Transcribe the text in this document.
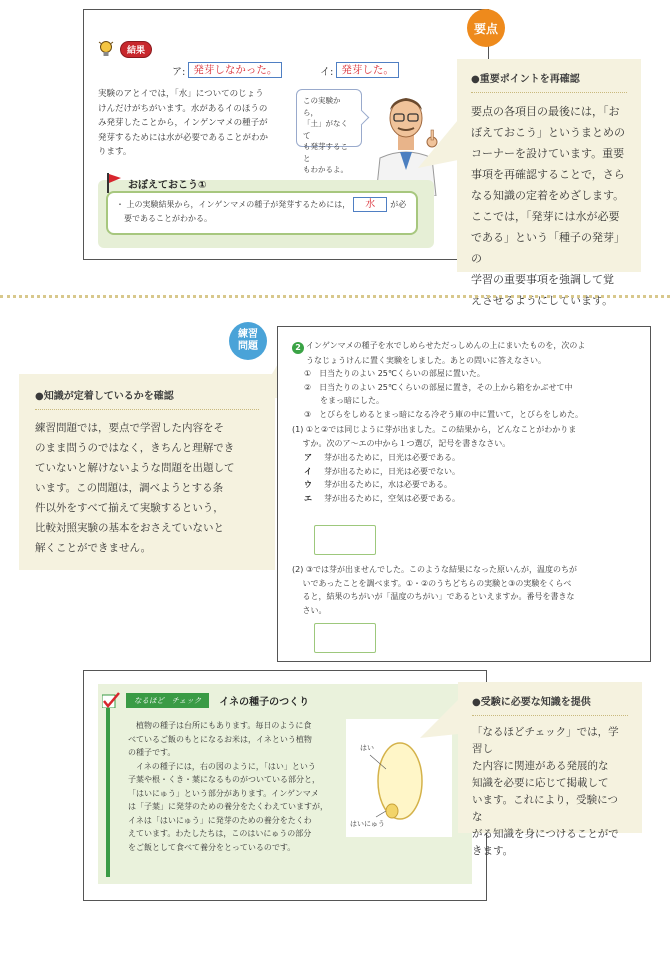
結果
ア: 発芽しなかった。	イ: 発芽した。
実験のアとイでは，「水」についてのじょう
けんだけがちがいます。水があるイのほうの
み発芽したことから，インゲンマメの種子が
発芽するためには水が必要であることがわか
ります。
この実験から，
「土」がなくて
も発芽すること
もわかるよ。
おぼえておこう①
・ 上の実験結果から，インゲンマメの種子が発芽するためには， 水 が必
要であることがわかる。
要点
●重要ポイントを再確認
要点の各項目の最後には，「お
ぼえておこう」というまとめの
コーナーを設けています。重要
事項を再確認することで，さら
なる知識の定着をめざします。
ここでは，「発芽には水が必要
である」という「種子の発芽」の
学習の重要事項を強調して覚
えさせるようにしています。
練習
問題
●知識が定着しているかを確認
練習問題では，要点で学習した内容をそ
のまま問うのではなく，きちんと理解でき
ていないと解けないような問題を出題して
います。この問題は，調べようとする条
件以外をすべて揃えて実験するという，
比較対照実験の基本をおさえていないと
解くことができません。
2 インゲンマメの種子を水でしめらせただっしめんの上にまいたものを，次のよ
うなじょうけんに置く実験をしました。あとの問いに答えなさい。
①　日当たりのよい 25℃くらいの部屋に置いた。
②　日当たりのよい 25℃くらいの部屋に置き，その上から箱をかぶせて中
　　をまっ暗にした。
③　とびらをしめるとまっ暗になる冷ぞう庫の中に置いて，とびらをしめた。
(1) ①と②では同じように芽が出ました。この結果から，どんなことがわかりま
　 すか。次のア～エの中から１つ選び，記号を書きなさい。
ア 芽が出るために，日光は必要である。
イ 芽が出るために，日光は必要でない。
ウ 芽が出るために，水は必要である。
エ 芽が出るために，空気は必要である。
(2) ③では芽が出ませんでした。このような結果になった原いんが，温度のちが
　 いであったことを調べます。①・②のうちどちらの実験と③の実験をくらべ
　 ると，結果のちがいが「温度のちがい」であるといえますか。番号を書きな
　 さい。
なるほど　チェック	イネの種子のつくり
　植物の種子は台所にもあります。毎日のように食
べているご飯のもとになるお米は，イネという植物
の種子です。
　イネの種子には，右の図のように，「はい」という
子葉や根・くき・葉になるものがついている部分と，
「はいにゅう」という部分があります。インゲンマメ
は「子葉」に発芽のための養分をたくわえていますが，
イネは「はいにゅう」に発芽のための養分をたくわ
えています。わたしたちは，このはいにゅうの部分
をご飯として食べて養分をとっているのです。
はい
はいにゅう
●受験に必要な知識を提供
「なるほどチェック」では，学習し
た内容に関連がある発展的な
知識を必要に応じて掲載して
います。これにより，受験につな
がる知識を身につけることがで
きます。
